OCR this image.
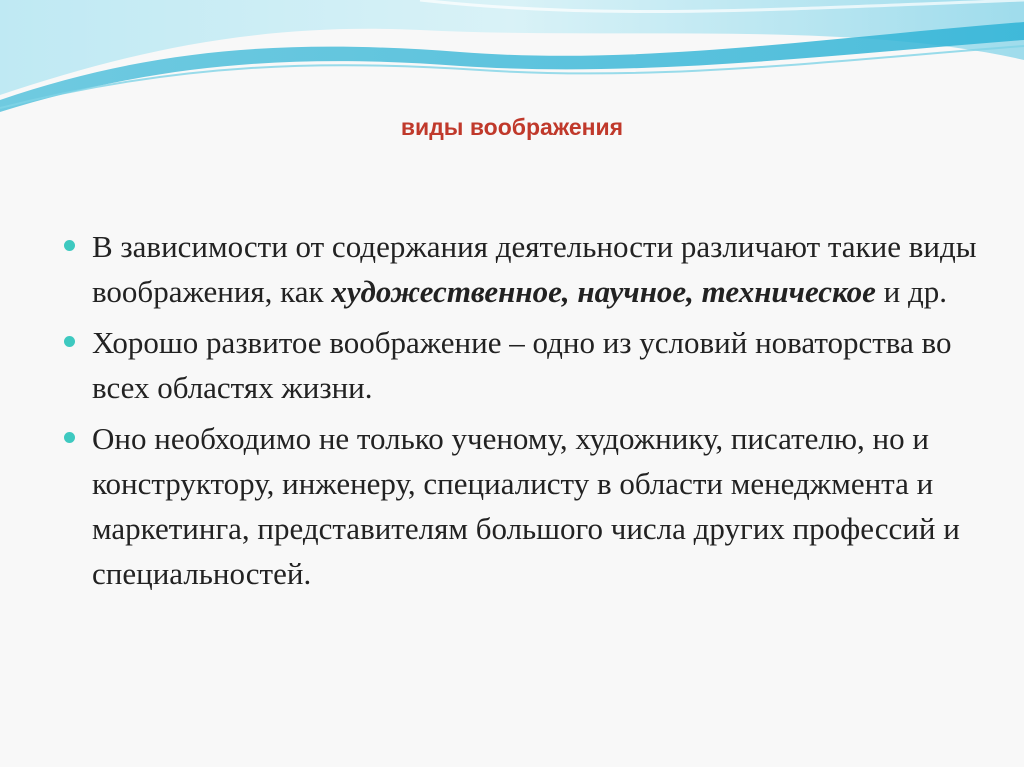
виды воображения
В зависимости от содержания деятельности различают такие виды воображения, как художественное, научное, техническое и др.
Хорошо развитое воображение – одно из условий новаторства во всех областях жизни.
Оно необходимо не только ученому, художнику, писателю, но и конструктору, инженеру, специалисту в области менеджмента и маркетинга, представителям большого числа других профессий и специальностей.
